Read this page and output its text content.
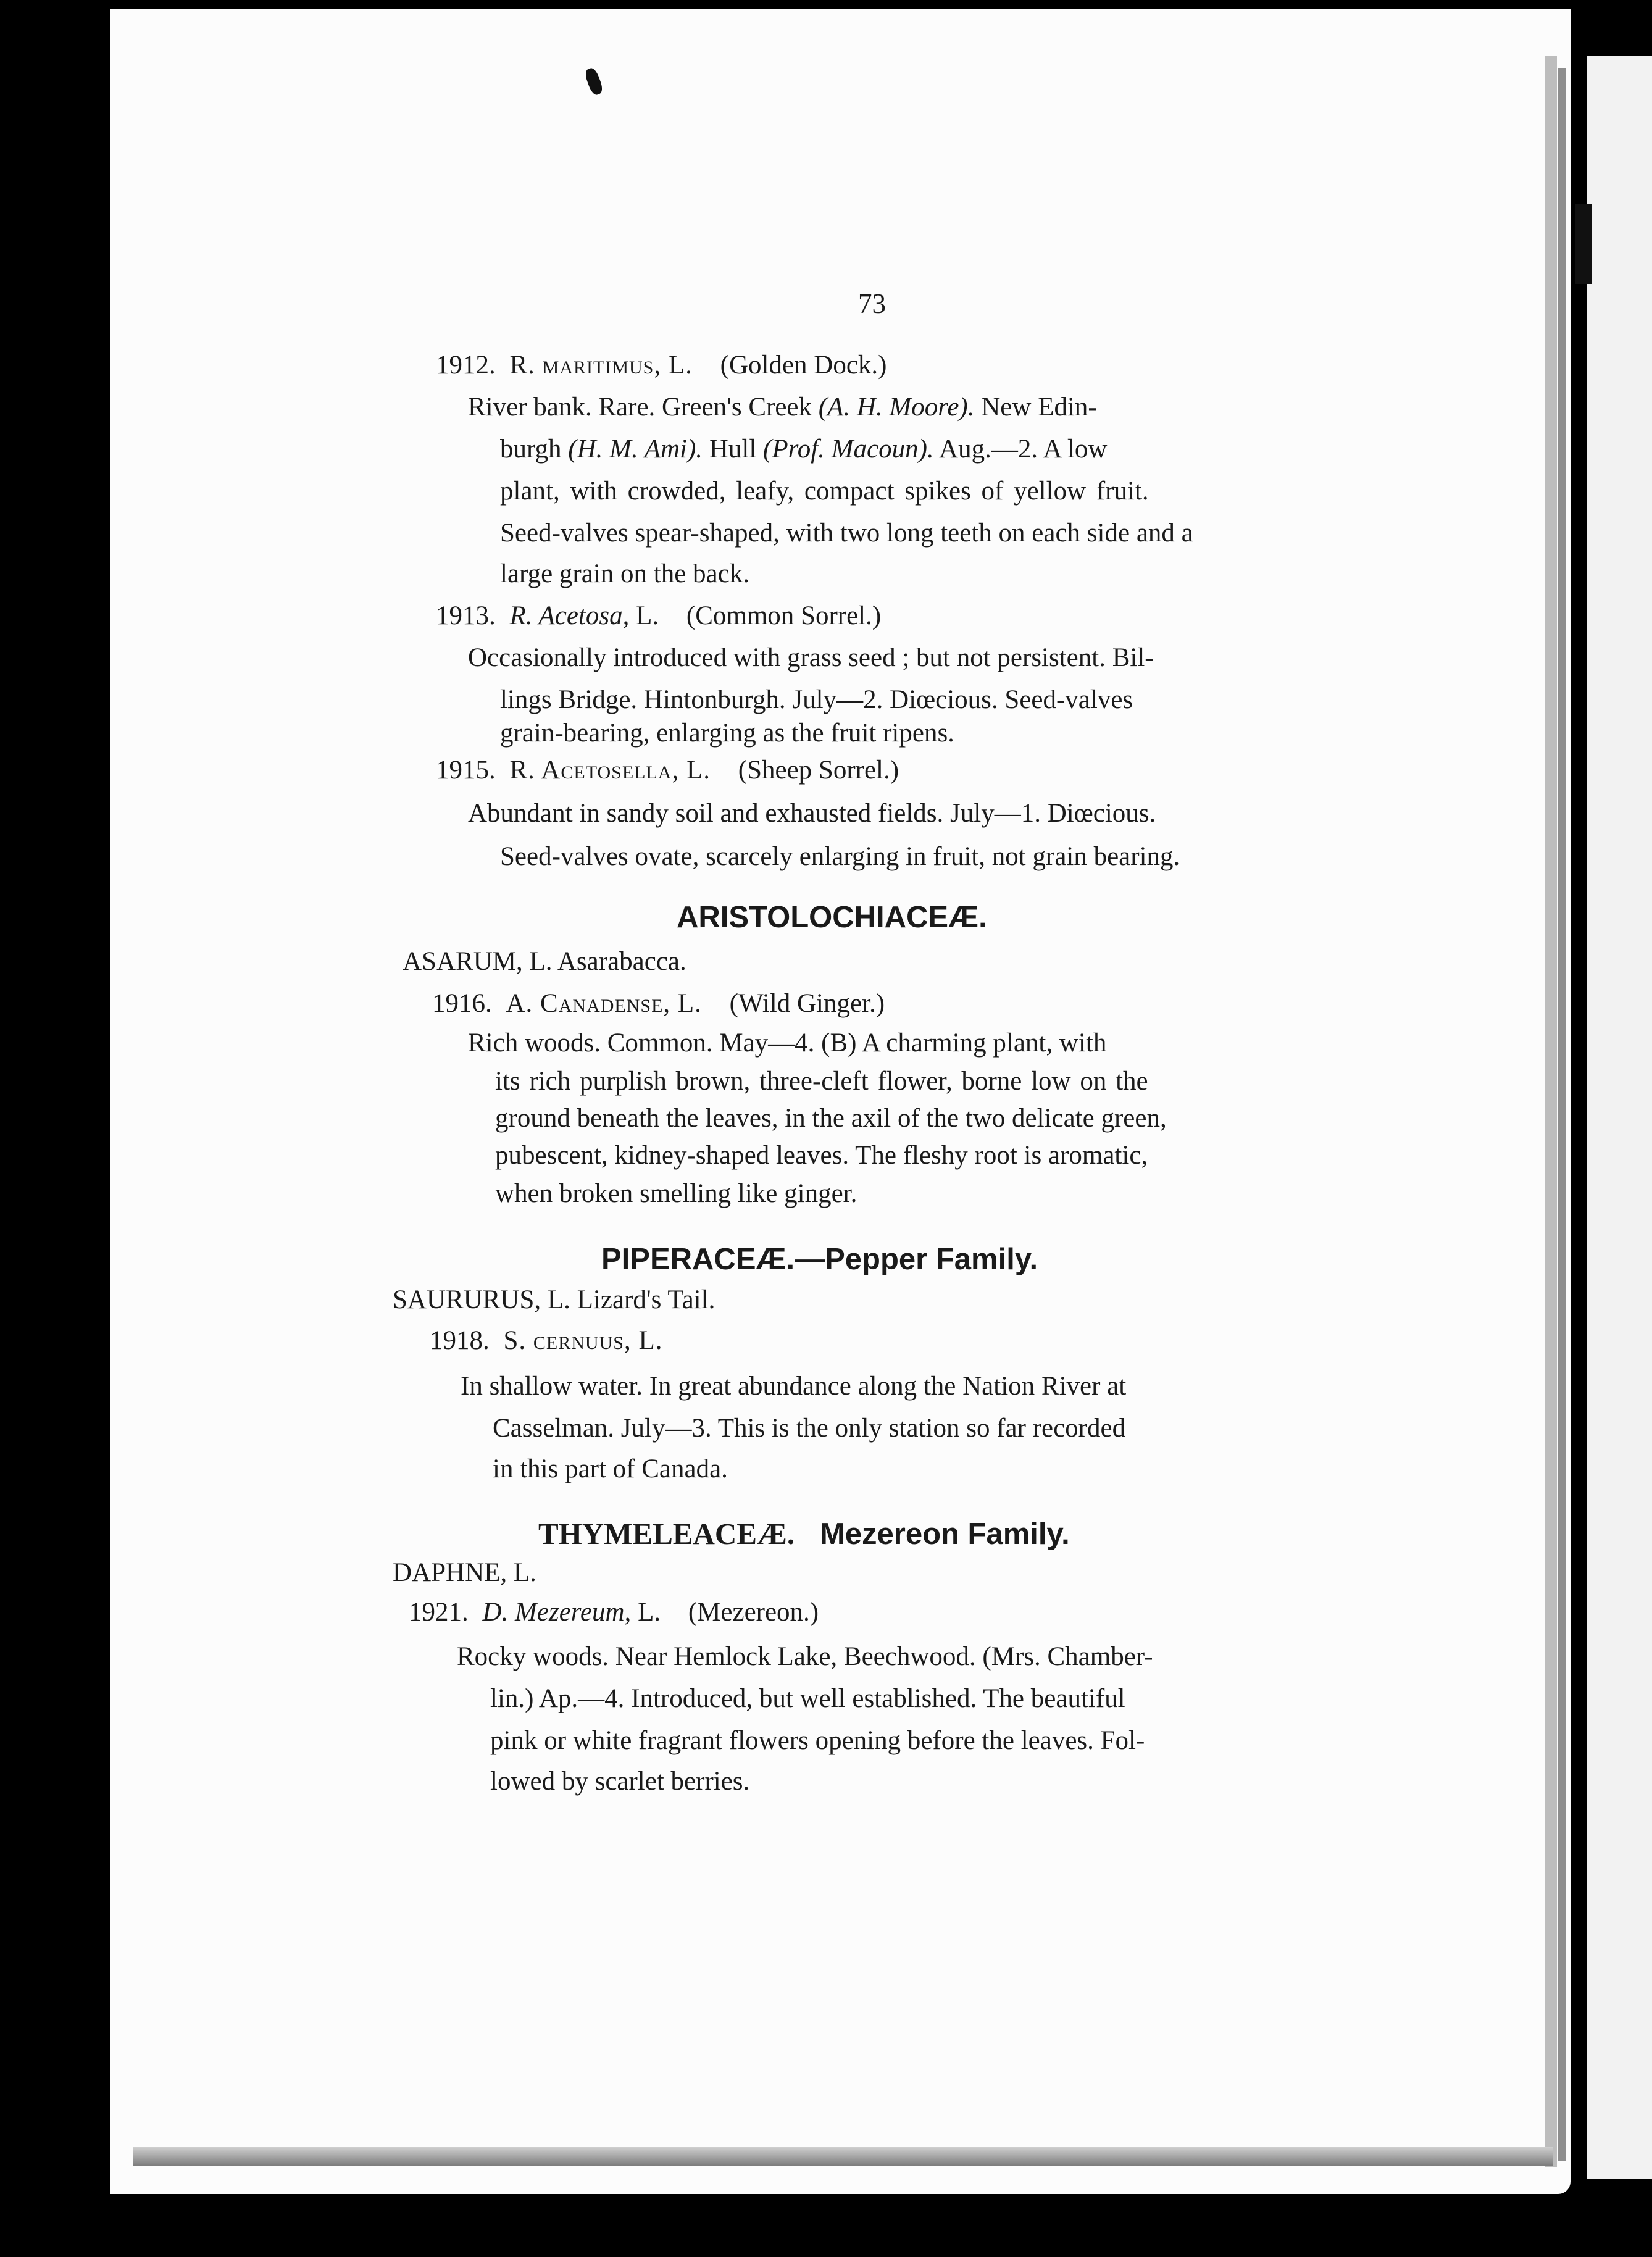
73
1912. R. maritimus, L. (Golden Dock.)
River bank. Rare. Green's Creek (A. H. Moore). New Edin-
burgh (H. M. Ami). Hull (Prof. Macoun). Aug.—2. A low
plant, with crowded, leafy, compact spikes of yellow fruit.
Seed-valves spear-shaped, with two long teeth on each side and a
large grain on the back.
1913. R. Acetosa, L. (Common Sorrel.)
Occasionally introduced with grass seed ; but not persistent. Bil-
lings Bridge. Hintonburgh. July—2. Diœcious. Seed-valves
grain-bearing, enlarging as the fruit ripens.
1915. R. Acetosella, L. (Sheep Sorrel.)
Abundant in sandy soil and exhausted fields. July—1. Diœcious.
Seed-valves ovate, scarcely enlarging in fruit, not grain bearing.
ARISTOLOCHIACEÆ.
ASARUM, L. Asarabacca.
1916. A. Canadense, L. (Wild Ginger.)
Rich woods. Common. May—4. (B) A charming plant, with
its rich purplish brown, three-cleft flower, borne low on the
ground beneath the leaves, in the axil of the two delicate green,
pubescent, kidney-shaped leaves. The fleshy root is aromatic,
when broken smelling like ginger.
PIPERACEÆ.—Pepper Family.
SAURURUS, L. Lizard's Tail.
1918. S. cernuus, L.
In shallow water. In great abundance along the Nation River at
Casselman. July—3. This is the only station so far recorded
in this part of Canada.
THYMELEACEÆ. Mezereon Family.
DAPHNE, L.
1921. D. Mezereum, L. (Mezereon.)
Rocky woods. Near Hemlock Lake, Beechwood. (Mrs. Chamber-
lin.) Ap.—4. Introduced, but well established. The beautiful
pink or white fragrant flowers opening before the leaves. Fol-
lowed by scarlet berries.
